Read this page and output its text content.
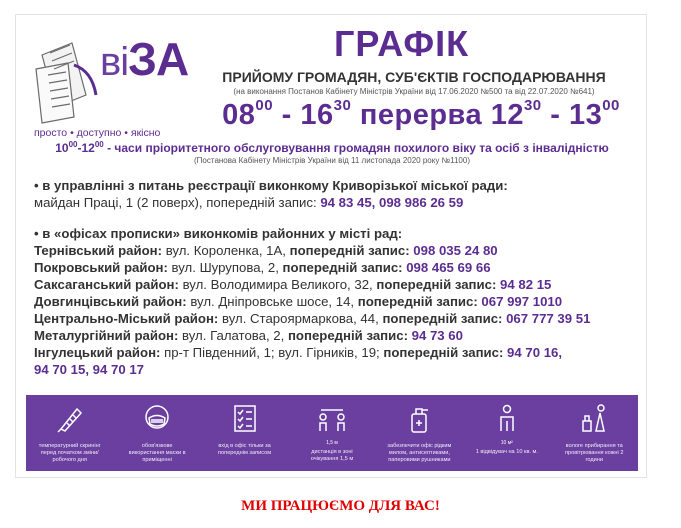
віЗА
просто • доступно • якісно
ГРАФІК
ПРИЙОМУ ГРОМАДЯН, СУБ'ЄКТІВ ГОСПОДАРЮВАННЯ
(на виконання Постанов Кабінету Міністрів України від 17.06.2020 №500 та від 22.07.2020 №641)
$08^{00} - 16^{30}$ перерва $12^{30} - 13^{00}$
$10^{00}-12^{00}$ - часи пріоритетного обслуговування громадян похилого віку та осіб з інвалідністю
(Постанова Кабінету Міністрів України від 11 листопада 2020 року №1100)
• в управлінні з питань реєстрації виконкому Криворізької міської ради:
майдан Праці, 1 (2 поверх), попередній запис: 94 83 45, 098 986 26 59
• в «офісах прописки» виконкомів районних у місті рад:
Тернівський район: вул. Короленка, 1А, попередній запис: 098 035 24 80
Покровський район: вул. Шурупова, 2, попередній запис: 098 465 69 66
Саксаганський район: вул. Володимира Великого, 32, попередній запис: 94 82 15
Довгинцівський район: вул. Дніпровське шосе, 14, попередній запис: 067 997 1010
Центрально-Міський район: вул. Староярмаркова, 44, попередній запис: 067 777 39 51
Металургійний район: вул. Галатова, 2, попередній запис: 94 73 60
Інгулецький район: пр-т Південний, 1; вул. Гірників, 19; попередній запис: 94 70 16,
94 70 15, 94 70 17
температурний скринінг перед початком зміни/робочого дня
обов'язкове використання маски в приміщенні
вхід в офіс тільки за попереднім записом
1,5 м
дистанція в зоні очікування 1,5 м
забезпечити офіс рідким милом, антисептиками, паперовими рушниками
10 м²
1 відвідувач на 10 кв. м.
вологе прибирання та провітрювання кожні 2 години
МИ ПРАЦЮЄМО ДЛЯ ВАС!
